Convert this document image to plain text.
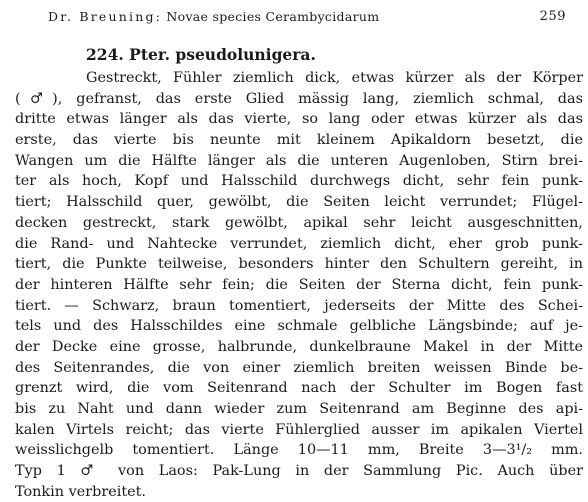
Dr. Breuning: Novae species Cerambycidarum	259
224. Pter. pseudolunigera.
Gestreckt, Fühler ziemlich dick, etwas kürzer als der Körper
(♂), gefranst, das erste Glied mässig lang, ziemlich schmal, das
dritte etwas länger als das vierte, so lang oder etwas kürzer als das
erste, das vierte bis neunte mit kleinem Apikaldorn besetzt, die
Wangen um die Hälfte länger als die unteren Augenloben, Stirn brei-
ter als hoch, Kopf und Halsschild durchwegs dicht, sehr fein punk-
tiert; Halsschild quer, gewölbt, die Seiten leicht verrundet; Flügel-
decken gestreckt, stark gewölbt, apikal sehr leicht ausgeschnitten,
die Rand- und Nahtecke verrundet, ziemlich dicht, eher grob punk-
tiert, die Punkte teilweise, besonders hinter den Schultern gereiht, in
der hinteren Hälfte sehr fein; die Seiten der Sterna dicht, fein punk-
tiert. — Schwarz, braun tomentiert, jederseits der Mitte des Schei-
tels und des Halsschildes eine schmale gelbliche Längsbinde; auf je-
der Decke eine grosse, halbrunde, dunkelbraune Makel in der Mitte
des Seitenrandes, die von einer ziemlich breiten weissen Binde be-
grenzt wird, die vom Seitenrand nach der Schulter im Bogen fast
bis zu Naht und dann wieder zum Seitenrand am Beginne des api-
kalen Virtels reicht; das vierte Fühlerglied ausser im apikalen Viertel
weisslichgelb tomentiert. Länge 10—11 mm, Breite 3—3¹/₂ mm.
Typ 1 ♂ von Laos: Pak-Lung in der Sammlung Pic. Auch über
Tonkin verbreitet.
